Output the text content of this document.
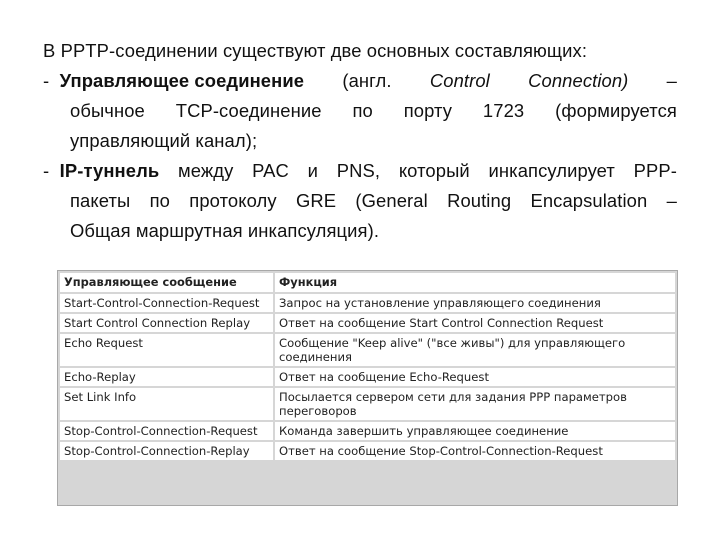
В PPTP-соединении существуют две основных составляющих:
- Управляющее соединение (англ. Control Connection) –
обычное TCP-соединение по порту 1723 (формируется
управляющий канал);
- IP-туннель между PAC и PNS, который инкапсулирует PPP-
пакеты по протоколу GRE (General Routing Encapsulation –
Общая маршрутная инкапсуляция).
Управляющее сообщение	Функция
Start-Control-Connection-Request	Запрос на установление управляющего соединения
Start Control Connection Replay	Ответ на сообщение Start Control Connection Request
Echo Request	Сообщение "Keep alive" ("все живы") для управляющего соединения
Echo-Replay	Ответ на сообщение Echo-Request
Set Link Info	Посылается сервером сети для задания PPP параметров переговоров
Stop-Control-Connection-Request	Команда завершить управляющее соединение
Stop-Control-Connection-Replay	Ответ на сообщение Stop-Control-Connection-Request
